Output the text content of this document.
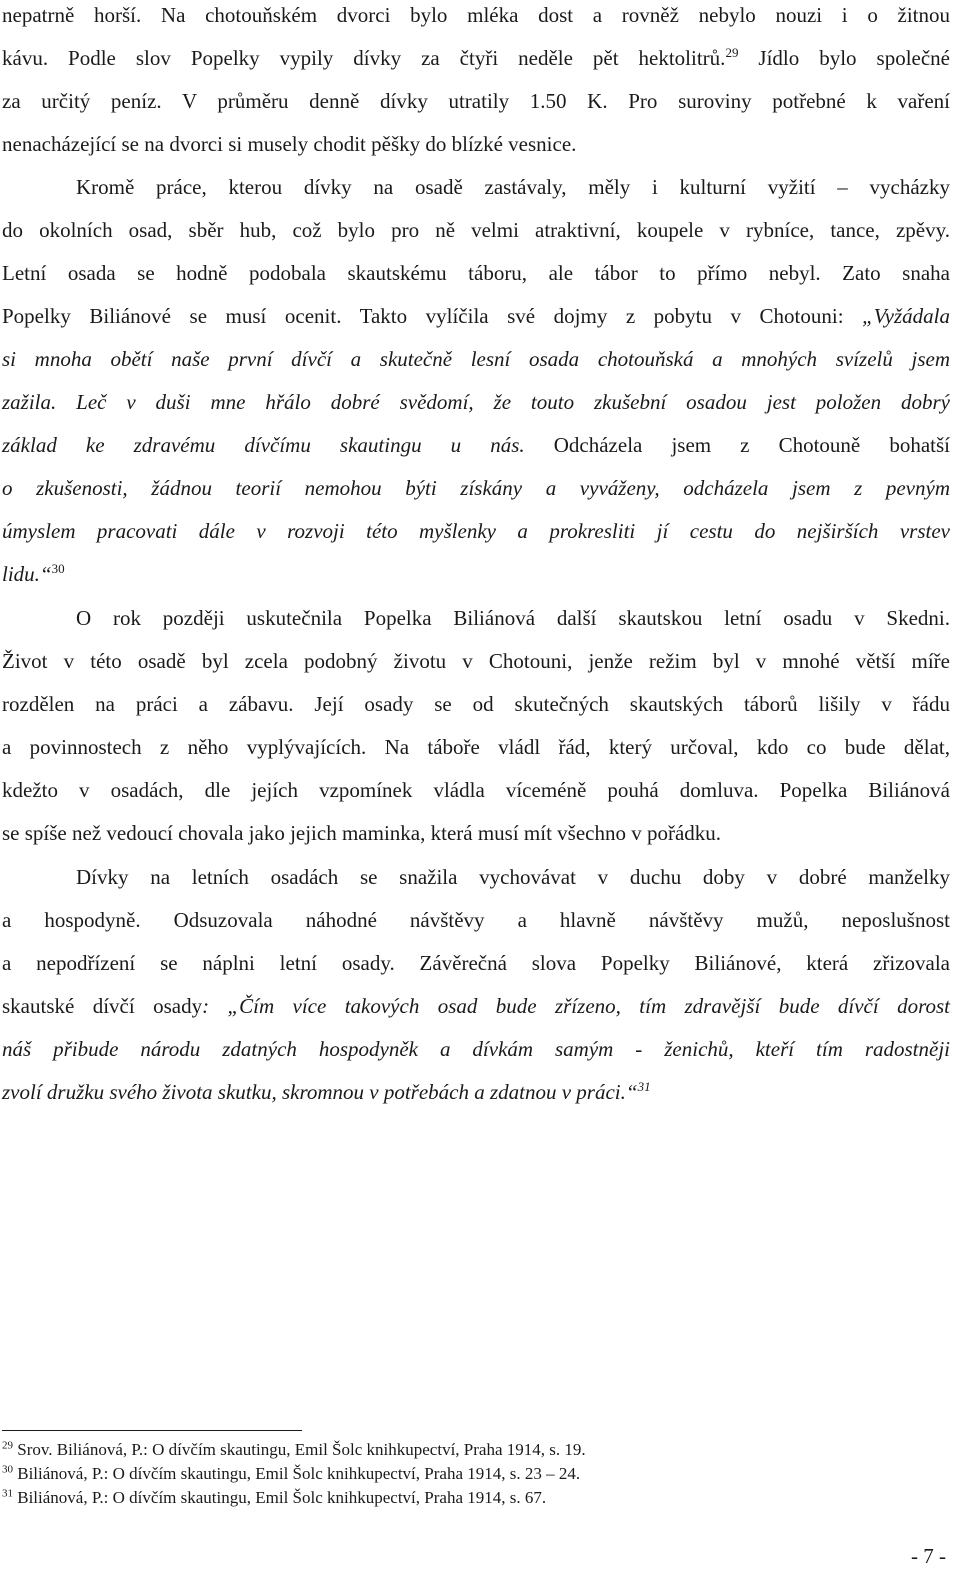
nepatrně horší. Na chotouňském dvorci bylo mléka dost a rovněž nebylo nouzi i o žitnou
kávu. Podle slov Popelky vypily dívky za čtyři neděle pět hektolitrů.$^{29}$ Jídlo bylo společné
za určitý peníz. V průměru denně dívky utratily 1.50 K. Pro suroviny potřebné k vaření
nenacházející se na dvorci si musely chodit pěšky do blízké vesnice.
Kromě práce, kterou dívky na osadě zastávaly, měly i kulturní vyžití – vycházky
do okolních osad, sběr hub, což bylo pro ně velmi atraktivní, koupele v rybníce, tance, zpěvy.
Letní osada se hodně podobala skautskému táboru, ale tábor to přímo nebyl. Zato snaha
Popelky Biliánové se musí ocenit. Takto vylíčila své dojmy z pobytu v Chotouni: „Vyžádala
si mnoha obětí naše první dívčí a skutečně lesní osada chotouňská a mnohých svízelů jsem
zažila. Leč v duši mne hřálo dobré svědomí, že touto zkušební osadou jest položen dobrý
základ ke zdravému dívčímu skautingu u nás. Odcházela jsem z Chotouně bohatší
o zkušenosti, žádnou teorií nemohou býti získány a vyváženy, odcházela jsem z pevným
úmyslem pracovati dále v rozvoji této myšlenky a prokresliti jí cestu do nejširších vrstev
lidu.“$^{30}$
O rok později uskutečnila Popelka Biliánová další skautskou letní osadu v Skedni.
Život v této osadě byl zcela podobný životu v Chotouni, jenže režim byl v mnohé větší míře
rozdělen na práci a zábavu. Její osady se od skutečných skautských táborů lišily v řádu
a povinnostech z něho vyplývajících. Na táboře vládl řád, který určoval, kdo co bude dělat,
kdežto v osadách, dle jejích vzpomínek vládla víceméně pouhá domluva. Popelka Biliánová
se spíše než vedoucí chovala jako jejich maminka, která musí mít všechno v pořádku.
Dívky na letních osadách se snažila vychovávat v duchu doby v dobré manželky
a hospodyně. Odsuzovala náhodné návštěvy a hlavně návštěvy mužů, neposlušnost
a nepodřízení se náplni letní osady. Závěrečná slova Popelky Biliánové, která zřizovala
skautské dívčí osady: „Čím více takových osad bude zřízeno, tím zdravější bude dívčí dorost
náš přibude národu zdatných hospodyněk a dívkám samým - ženichů, kteří tím radostněji
zvolí družku svého života skutku, skromnou v potřebách a zdatnou v práci.“$^{31}$
$^{29}$ Srov. Biliánová, P.: O dívčím skautingu, Emil Šolc knihkupectví, Praha 1914, s. 19.
$^{30}$ Biliánová, P.: O dívčím skautingu, Emil Šolc knihkupectví, Praha 1914, s. 23 – 24.
$^{31}$ Biliánová, P.: O dívčím skautingu, Emil Šolc knihkupectví, Praha 1914, s. 67.
- 7 -
